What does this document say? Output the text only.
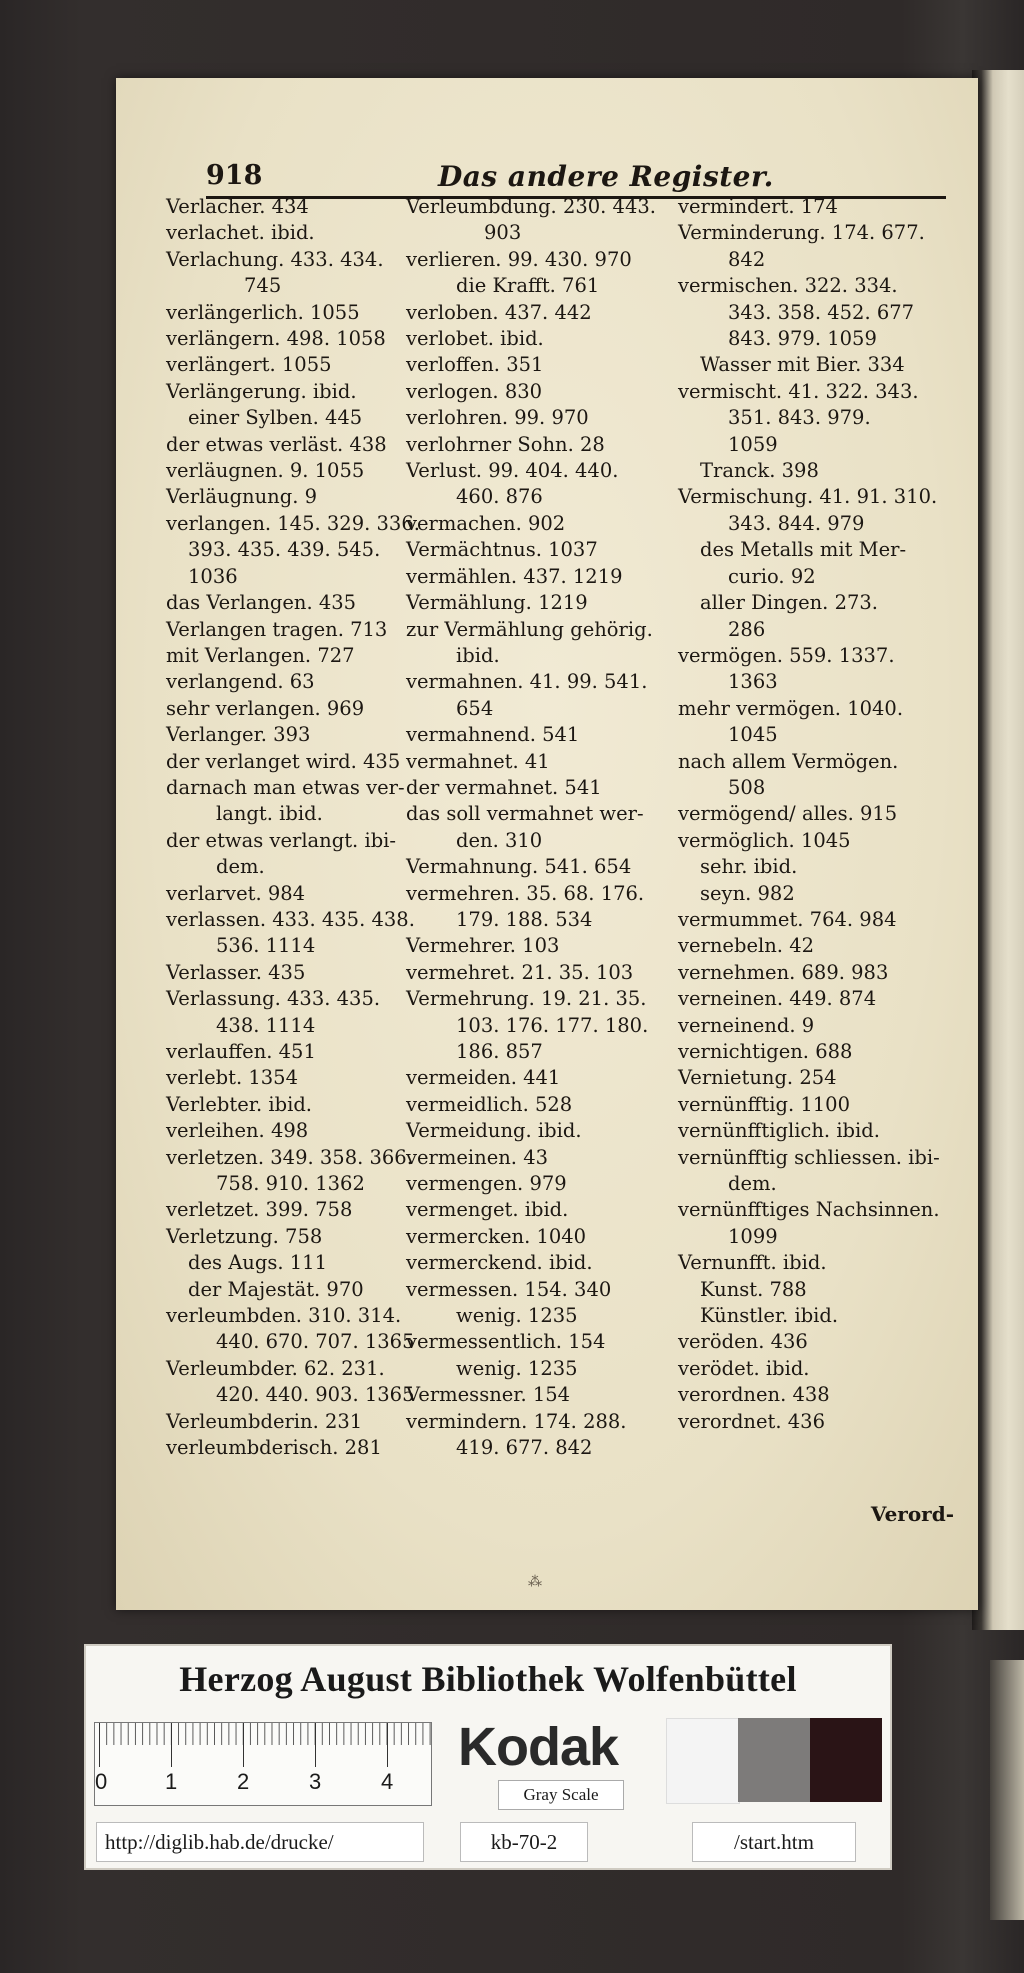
918	Das andere Register.
Verlacher. 434
verlachet. ibid.
Verlachung. 433. 434.
745
verlängerlich. 1055
verlängern. 498. 1058
verlängert. 1055
Verlängerung. ibid.
einer Sylben. 445
der etwas verläst. 438
verläugnen. 9. 1055
Verläugnung. 9
verlangen. 145. 329. 336.
393. 435. 439. 545.
1036
das Verlangen. 435
Verlangen tragen. 713
mit Verlangen. 727
verlangend. 63
sehr verlangen. 969
Verlanger. 393
der verlanget wird. 435
darnach man etwas ver-
langt. ibid.
der etwas verlangt. ibi-
dem.
verlarvet. 984
verlassen. 433. 435. 438.
536. 1114
Verlasser. 435
Verlassung. 433. 435.
438. 1114
verlauffen. 451
verlebt. 1354
Verlebter. ibid.
verleihen. 498
verletzen. 349. 358. 366.
758. 910. 1362
verletzet. 399. 758
Verletzung. 758
des Augs. 111
der Majestät. 970
verleumbden. 310. 314.
440. 670. 707. 1365
Verleumbder. 62. 231.
420. 440. 903. 1365
Verleumbderin. 231
verleumbderisch. 281
Verleumbdung. 230. 443.
903
verlieren. 99. 430. 970
die Krafft. 761
verloben. 437. 442
verlobet. ibid.
verloffen. 351
verlogen. 830
verlohren. 99. 970
verlohrner Sohn. 28
Verlust. 99. 404. 440.
460. 876
vermachen. 902
Vermächtnus. 1037
vermählen. 437. 1219
Vermählung. 1219
zur Vermählung gehörig.
ibid.
vermahnen. 41. 99. 541.
654
vermahnend. 541
vermahnet. 41
der vermahnet. 541
das soll vermahnet wer-
den. 310
Vermahnung. 541. 654
vermehren. 35. 68. 176.
179. 188. 534
Vermehrer. 103
vermehret. 21. 35. 103
Vermehrung. 19. 21. 35.
103. 176. 177. 180.
186. 857
vermeiden. 441
vermeidlich. 528
Vermeidung. ibid.
vermeinen. 43
vermengen. 979
vermenget. ibid.
vermercken. 1040
vermerckend. ibid.
vermessen. 154. 340
wenig. 1235
vermessentlich. 154
wenig. 1235
Vermessner. 154
vermindern. 174. 288.
419. 677. 842
vermindert. 174
Verminderung. 174. 677.
842
vermischen. 322. 334.
343. 358. 452. 677
843. 979. 1059
Wasser mit Bier. 334
vermischt. 41. 322. 343.
351. 843. 979.
1059
Tranck. 398
Vermischung. 41. 91. 310.
343. 844. 979
des Metalls mit Mer-
curio. 92
aller Dingen. 273.
286
vermögen. 559. 1337.
1363
mehr vermögen. 1040.
1045
nach allem Vermögen.
508
vermögend/ alles. 915
vermöglich. 1045
sehr. ibid.
seyn. 982
vermummet. 764. 984
vernebeln. 42
vernehmen. 689. 983
verneinen. 449. 874
verneinend. 9
vernichtigen. 688
Vernietung. 254
vernünfftig. 1100
vernünfftiglich. ibid.
vernünfftig schliessen. ibi-
dem.
vernünfftiges Nachsinnen.
1099
Vernunfft. ibid.
Kunst. 788
Künstler. ibid.
veröden. 436
verödet. ibid.
verordnen. 438
verordnet. 436
Verord-
⁂
Herzog August Bibliothek Wolfenbüttel
0	1	2	3	4
Kodak
Gray Scale
http://diglib.hab.de/drucke/	kb-70-2	/start.htm
